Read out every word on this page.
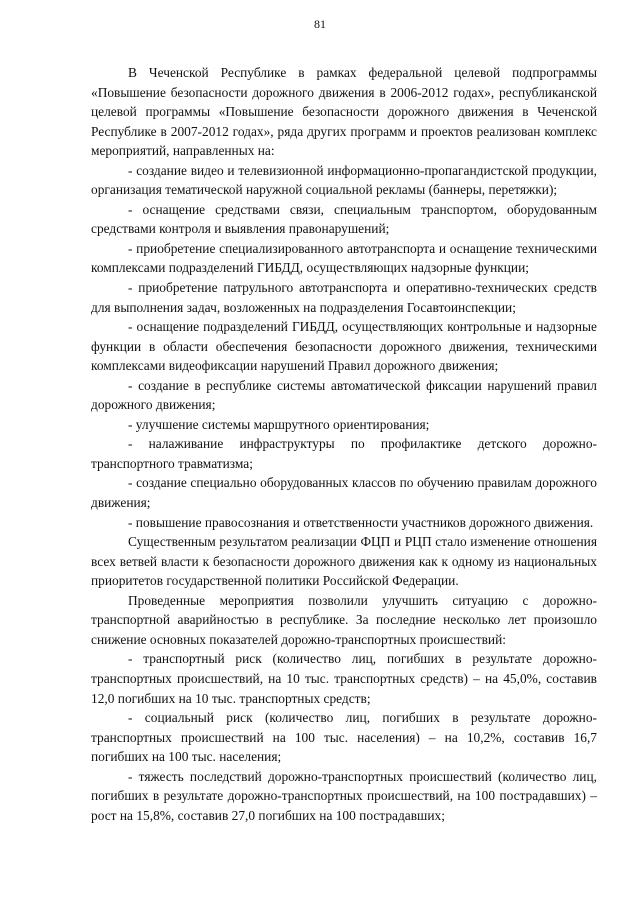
81

В Чеченской Республике в рамках федеральной целевой подпрограммы «Повышение безопасности дорожного движения в 2006-2012 годах», республиканской целевой программы «Повышение безопасности дорожного движения в Чеченской Республике в 2007-2012 годах», ряда других программ и проектов реализован комплекс мероприятий, направленных на:

- создание видео и телевизионной информационно-пропагандистской продукции, организация тематической наружной социальной рекламы (баннеры, перетяжки);

- оснащение средствами связи, специальным транспортом, оборудованным средствами контроля и выявления правонарушений;

- приобретение специализированного автотранспорта и оснащение техническими комплексами подразделений ГИБДД, осуществляющих надзорные функции;

- приобретение патрульного автотранспорта и оперативно-технических средств для выполнения задач, возложенных на подразделения Госавтоинспекции;

- оснащение подразделений ГИБДД, осуществляющих контрольные и надзорные функции в области обеспечения безопасности дорожного движения, техническими комплексами видеофиксации нарушений Правил дорожного движения;

- создание в республике системы автоматической фиксации нарушений правил дорожного движения;

- улучшение системы маршрутного ориентирования;

- налаживание инфраструктуры по профилактике детского дорожно-транспортного травматизма;

- создание специально оборудованных классов по обучению правилам дорожного движения;

- повышение правосознания и ответственности участников дорожного движения.

Существенным результатом реализации ФЦП и РЦП стало изменение отношения всех ветвей власти к безопасности дорожного движения как к одному из национальных приоритетов государственной политики Российской Федерации.

Проведенные мероприятия позволили улучшить ситуацию с дорожно-транспортной аварийностью в республике. За последние несколько лет произошло снижение основных показателей дорожно-транспортных происшествий:

- транспортный риск (количество лиц, погибших в результате дорожно-транспортных происшествий, на 10 тыс. транспортных средств) – на 45,0%, составив 12,0 погибших на 10 тыс. транспортных средств;

- социальный риск (количество лиц, погибших в результате дорожно-транспортных происшествий на 100 тыс. населения) – на 10,2%, составив 16,7 погибших на 100 тыс. населения;

- тяжесть последствий дорожно-транспортных происшествий (количество лиц, погибших в результате дорожно-транспортных происшествий, на 100 пострадавших) – рост на 15,8%, составив 27,0 погибших на 100 пострадавших;
